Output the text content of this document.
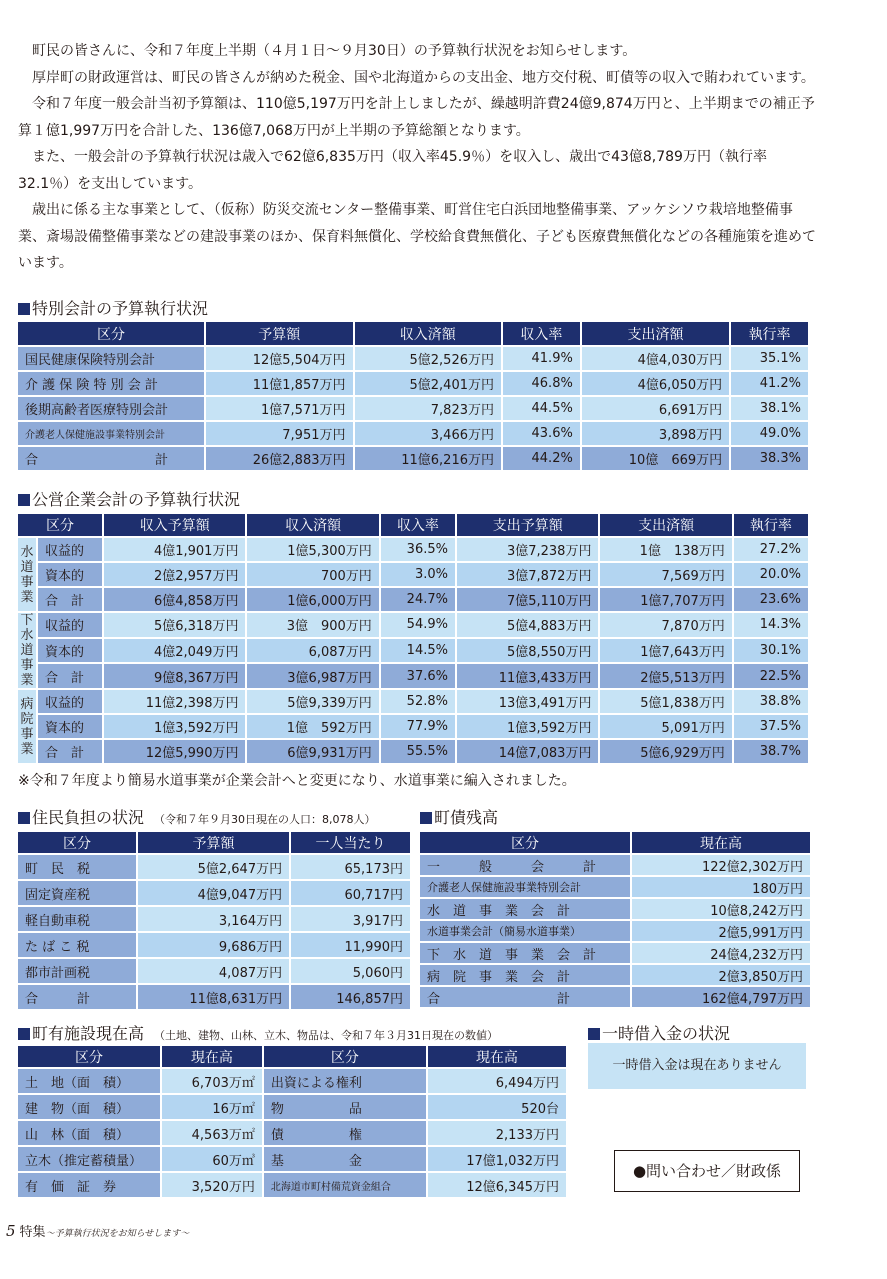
町民の皆さんに、令和７年度上半期（４月１日～９月30日）の予算執行状況をお知らせします。

厚岸町の財政運営は、町民の皆さんが納めた税金、国や北海道からの支出金、地方交付税、町債等の収入で賄われています。

令和７年度一般会計当初予算額は、110億5,197万円を計上しましたが、繰越明許費24億9,874万円と、上半期までの補正予算１億1,997万円を合計した、136億7,068万円が上半期の予算総額となります。

また、一般会計の予算執行状況は歳入で62億6,835万円（収入率45.9％）を収入し、歳出で43億8,789万円（執行率32.1％）を支出しています。

歳出に係る主な事業として、（仮称）防災交流センター整備事業、町営住宅白浜団地整備事業、アッケシソウ栽培地整備事業、斎場設備整備事業などの建設事業のほか、保育料無償化、学校給食費無償化、子ども医療費無償化などの各種施策を進めています。

特別会計の予算執行状況
区分	予算額	収入済額	収入率	支出済額	執行率
国民健康保険特別会計	12億5,504万円	5億2,526万円	41.9%	4億4,030万円	35.1%
介 護 保 険 特 別 会 計	11億1,857万円	5億2,401万円	46.8%	4億6,050万円	41.2%
後期高齢者医療特別会計	1億7,571万円	7,823万円	44.5%	6,691万円	38.1%
介護老人保健施設事業特別会計	7,951万円	3,466万円	43.6%	3,898万円	49.0%
合　　　　　　　　　計	26億2,883万円	11億6,216万円	44.2%	10億　669万円	38.3%
公営企業会計の予算執行状況
区分		収入予算額	収入済額	収入率	支出予算額	支出済額	執行率
水道事業	収益的	4億1,901万円	1億5,300万円	36.5%	3億7,238万円	1億　138万円	27.2%
	資本的	2億2,957万円	700万円	3.0%	3億7,872万円	7,569万円	20.0%
	合　計	6億4,858万円	1億6,000万円	24.7%	7億5,110万円	1億7,707万円	23.6%
下水道事業	収益的	5億6,318万円	3億　900万円	54.9%	5億4,883万円	7,870万円	14.3%
	資本的	4億2,049万円	6,087万円	14.5%	5億8,550万円	1億7,643万円	30.1%
	合　計	9億8,367万円	3億6,987万円	37.6%	11億3,433万円	2億5,513万円	22.5%
病院事業	収益的	11億2,398万円	5億9,339万円	52.8%	13億3,491万円	5億1,838万円	38.8%
	資本的	1億3,592万円	1億　592万円	77.9%	1億3,592万円	5,091万円	37.5%
	合　計	12億5,990万円	6億9,931万円	55.5%	14億7,083万円	5億6,929万円	38.7%
※令和７年度より簡易水道事業が企業会計へと変更になり、水道事業に編入されました。
住民負担の状況 （令和７年９月30日現在の人口：8,078人）
区分	予算額	一人当たり
町　民　税	5億2,647万円	65,173円
固定資産税	4億9,047万円	60,717円
軽自動車税	3,164万円	3,917円
た ば こ 税	9,686万円	11,990円
都市計画税	4,087万円	5,060円
合　　　計	11億8,631万円	146,857円
町債残高
区分	現在高
一　　　般　　　会　　　計	122億2,302万円
介護老人保健施設事業特別会計	180万円
水　道　事　業　会　計	10億8,242万円
水道事業会計（簡易水道事業）	2億5,991万円
下　水　道　事　業　会　計	24億4,232万円
病　院　事　業　会　計	2億3,850万円
合　　　　　　　　　計	162億4,797万円
町有施設現在高 （土地、建物、山林、立木、物品は、令和７年３月31日現在の数値）
区分	現在高	区分	現在高
土　地（面　積）	6,703万㎡	出資による権利	6,494万円
建　物（面　積）	16万㎡	物　　　　　品	520台
山　林（面　積）	4,563万㎡	債　　　　　権	2,133万円
立木（推定蓄積量）	60万㎥	基　　　　　金	17億1,032万円
有　価　証　券	3,520万円	北海道市町村備荒資金組合	12億6,345万円
一時借入金の状況
一時借入金は現在ありません
●問い合わせ／財政係
5 特集～予算執行状況をお知らせします～
